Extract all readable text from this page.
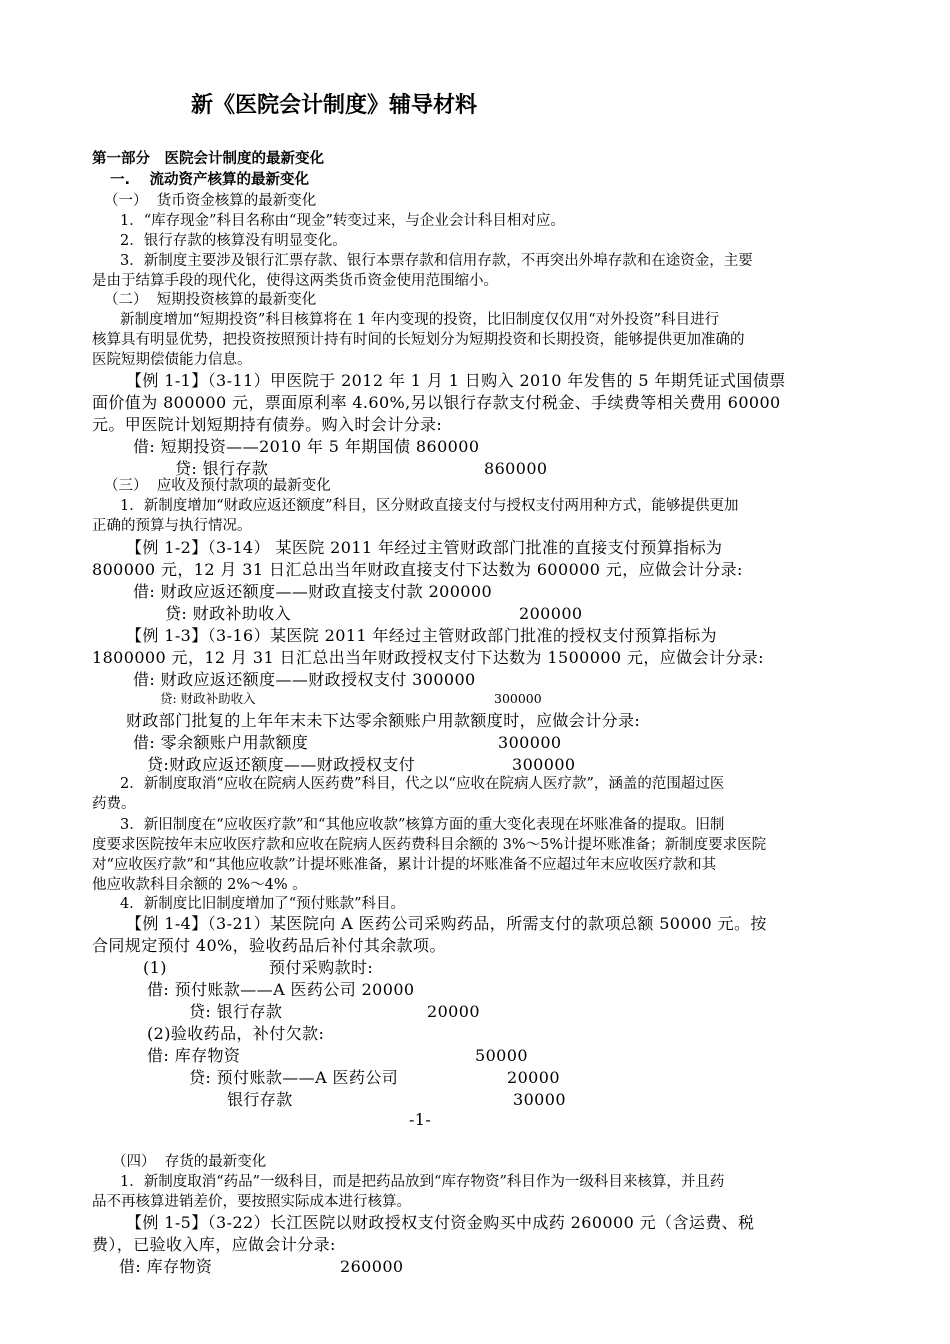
新《医院会计制度》辅导材料
第一部分　医院会计制度的最新变化
一.　 流动资产核算的最新变化
（一）  货币资金核算的最新变化
1．“库存现金”科目名称由“现金”转变过来，与企业会计科目相对应。
2．银行存款的核算没有明显变化。
3．新制度主要涉及银行汇票存款、银行本票存款和信用存款，不再突出外埠存款和在途资金，主要
是由于结算手段的现代化，使得这两类货币资金使用范围缩小。
（二）  短期投资核算的最新变化
新制度增加“短期投资”科目核算将在 1 年内变现的投资，比旧制度仅仅用“对外投资”科目进行
核算具有明显优势，把投资按照预计持有时间的长短划分为短期投资和长期投资，能够提供更加准确的
医院短期偿债能力信息。
【例 1-1】（3-11）甲医院于 2012 年 1 月 1 日购入 2010 年发售的 5 年期凭证式国债票
面价值为 800000 元，票面原利率 4.60%,另以银行存款支付税金、手续费等相关费用 60000
元。甲医院计划短期持有债券。购入时会计分录:
借: 短期投资——2010 年 5 年期国债 860000
贷: 银行存款	860000
（三）  应收及预付款项的最新变化
1．新制度增加“财政应返还额度”科目，区分财政直接支付与授权支付两用种方式，能够提供更加
正确的预算与执行情况。
【例 1-2】（3-14） 某医院 2011 年经过主管财政部门批准的直接支付预算指标为
800000 元，12 月 31 日汇总出当年财政直接支付下达数为 600000 元，应做会计分录:
借: 财政应返还额度——财政直接支付款 200000
贷: 财政补助收入	200000
【例 1-3】（3-16）某医院 2011 年经过主管财政部门批准的授权支付预算指标为
1800000 元，12 月 31 日汇总出当年财政授权支付下达数为 1500000 元，应做会计分录:
借: 财政应返还额度——财政授权支付 300000
贷: 财政补助收入	300000
财政部门批复的上年年末未下达零余额账户用款额度时，应做会计分录:
借: 零余额账户用款额度	300000
贷:财政应返还额度——财政授权支付	300000
2．新制度取消“应收在院病人医药费”科目，代之以“应收在院病人医疗款”，涵盖的范围超过医
药费。
3．新旧制度在“应收医疗款”和“其他应收款”核算方面的重大变化表现在坏账准备的提取。旧制
度要求医院按年末应收医疗款和应收在院病人医药费科目余额的 3%～5%计提坏账准备；新制度要求医院
对“应收医疗款”和“其他应收款”计提坏账准备，累计计提的坏账准备不应超过年末应收医疗款和其
他应收款科目余额的 2%～4% 。
4．新制度比旧制度增加了“预付账款”科目。
【例 1-4】（3-21）某医院向 A 医药公司采购药品，所需支付的款项总额 50000 元。按
合同规定预付 40%，验收药品后补付其余款项。
(1)	预付采购款时:
借: 预付账款——A 医药公司 20000
贷: 银行存款	20000
(2)验收药品，补付欠款:
借: 库存物资	50000
贷: 预付账款——A 医药公司	20000
银行存款	30000
-1-
（四）  存货的最新变化
1．新制度取消“药品”一级科目，而是把药品放到“库存物资”科目作为一级科目来核算，并且药
品不再核算进销差价，要按照实际成本进行核算。
【例 1-5】（3-22）长江医院以财政授权支付资金购买中成药 260000 元（含运费、税
费），已验收入库，应做会计分录:
借: 库存物资	260000
